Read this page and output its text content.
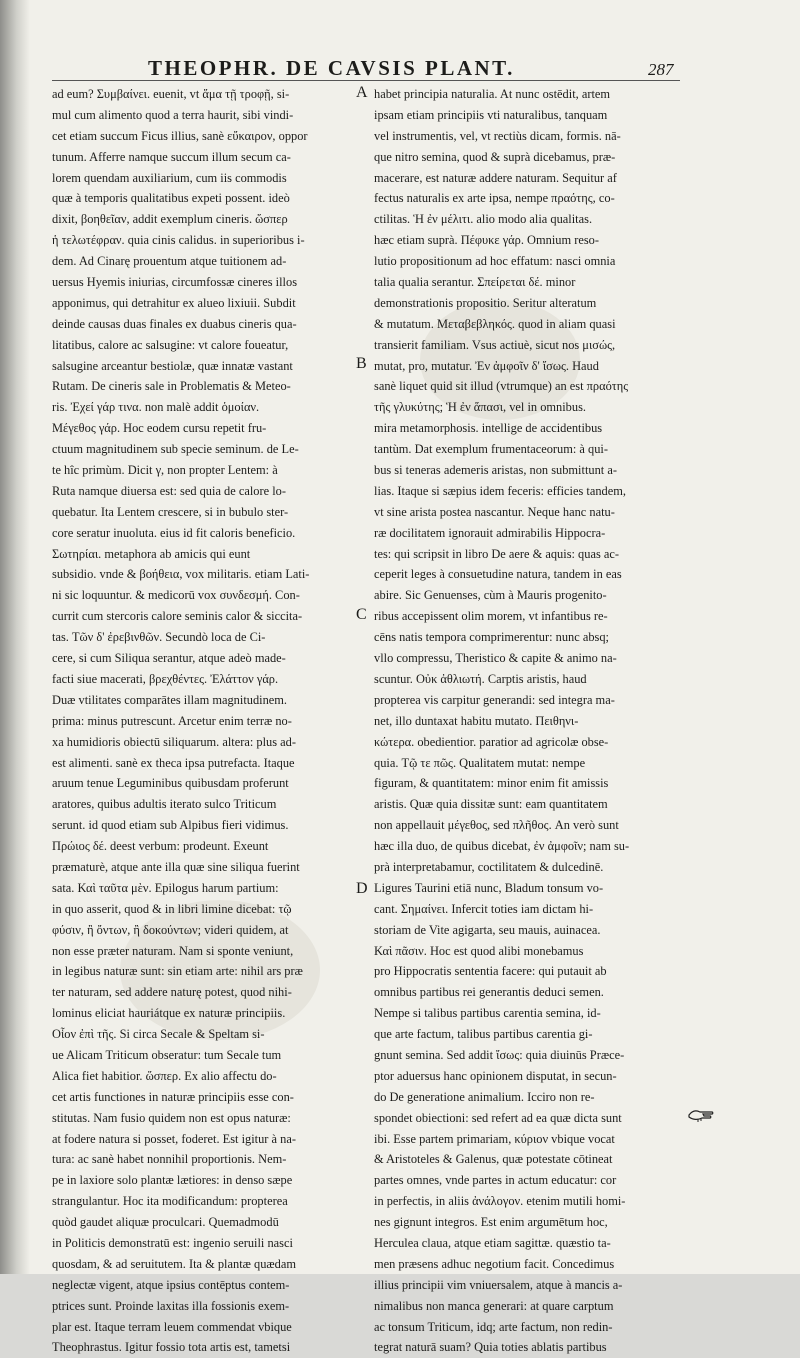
THEOPHR. DE CAVSIS PLANT.	287
ad eum? Συμβαίνει. euenit, vt ἅμα τῇ τροφῇ, si-
mul cum alimento quod a terra haurit, sibi vindi-
cet etiam succum Ficus illius, sanè εὔκαιρον, oppor
tunum. Afferre namque succum illum secum ca-
lorem quendam auxiliarium, cum iis commodis
quæ à temporis qualitatibus expeti possent. ideò
dixit, βοηθεῖαν, addit exemplum cineris. ὥσπερ
ἡ τελωτέφραν. quia cinis calidus. in superioribus i-
dem. Ad Cinarę prouentum atque tuitionem ad-
uersus Hyemis iniurias, circumfossæ cineres illos
apponimus, qui detrahitur ex alueo lixiuii. Subdit
deinde causas duas finales ex duabus cineris qua-
litatibus, calore ac salsugine: vt calore foueatur,
salsugine arceantur bestiolæ, quæ innatæ vastant
Rutam. De cineris sale in Problematis & Meteo-
ris. Ἐχεί γάρ τινα. non malè addit ὁμοίαν.
Μέγεθος γάρ. Hoc eodem cursu repetit fru-
ctuum magnitudinem sub specie seminum. de Le-
te hîc primùm. Dicit γ, non propter Lentem: à
Ruta namque diuersa est: sed quia de calore lo-
quebatur. Ita Lentem crescere, si in bubulo ster-
core seratur inuoluta. eius id fit caloris beneficio.
Σωτηρίαι. metaphora ab amicis qui eunt
subsidio. vnde & βοήθεια, vox militaris. etiam Lati-
ni sic loquuntur. & medicorū vox συνδεσμή. Con-
currit cum stercoris calore seminis calor & siccita-
tas. Τῶν δ' ἐρεβινθῶν. Secundò loca de Ci-
cere, si cum Siliqua serantur, atque adeò made-
facti siue macerati, βρεχθέντες. Ἐλάττον γάρ.
Duæ vtilitates comparātes illam magnitudinem.
prima: minus putrescunt. Arcetur enim terræ no-
xa humidioris obiectū siliquarum. altera: plus ad-
est alimenti. sanè ex theca ipsa putrefacta. Itaque
aruum tenue Leguminibus quibusdam proferunt
aratores, quibus adultis iterato sulco Triticum
serunt. id quod etiam sub Alpibus fieri vidimus.
Πρώιος δέ. deest verbum: prodeunt. Exeunt
præmaturè, atque ante illa quæ sine siliqua fuerint
sata. Καὶ ταῦτα μὲν. Epilogus harum partium:
in quo asserit, quod & in libri limine dicebat: τῷ
φύσιν, ἢ ὄντων, ἢ δοκούντων; videri quidem, at
non esse præter naturam. Nam si sponte veniunt,
in legibus naturæ sunt: sin etiam arte: nihil ars præ
ter naturam, sed addere naturę potest, quod nihi-
lominus eliciat hauriátque ex naturæ principiis.
Οἷον ἐπὶ τῆς. Si circa Secale & Speltam si-
ue Alicam Triticum obseratur: tum Secale tum
Alica fiet habitior. ὥσπερ. Ex alio affectu do-
cet artis functiones in naturæ principiis esse con-
stitutas. Nam fusio quidem non est opus naturæ:
at fodere natura si posset, foderet. Est igitur à na-
tura: ac sanè habet nonnihil proportionis. Nem-
pe in laxiore solo plantæ lætiores: in denso sæpe
strangulantur. Hoc ita modificandum: propterea
quòd gaudet aliquæ proculcari. Quemadmodū
in Politicis demonstratū est: ingenio seruili nasci
quosdam, & ad seruitutem. Ita & plantæ quædam
neglectæ vigent, atque ipsius contēptus contem-
ptrices sunt. Proinde laxitas illa fossionis exem-
plar est. Itaque terram leuem commendat vbique
Theophrastus. Igitur fossio tota artis est, tametsi
habet principia naturalia. At nunc ostēdit, artem
ipsam etiam principiis vti naturalibus, tanquam
vel instrumentis, vel, vt rectiùs dicam, formis. nā-
que nitro semina, quod & suprà dicebamus, præ-
macerare, est naturæ addere naturam. Sequitur af
fectus naturalis ex arte ipsa, nempe πραότης, co-
ctilitas. Ἡ ἐν μέλιτι. alio modo alia qualitas.
hæc etiam suprà. Πέφυκε γάρ. Omnium reso-
lutio propositionum ad hoc effatum: nasci omnia
talia qualia serantur. Σπείρεται δέ. minor
demonstrationis propositio. Seritur alteratum
& mutatum. Μεταβεβληκός. quod in aliam quasi
transierit familiam. Vsus actiuè, sicut nos μισώς,
mutat, pro, mutatur. Ἐν ἀμφοῖν δ' ἴσως. Haud
sanè liquet quid sit illud (vtrumque) an est πραότης
τῆς γλυκύτης; Ἡ ἐν ἅπασι, vel in omnibus.
mira metamorphosis. intellige de accidentibus
tantùm. Dat exemplum frumentaceorum: à qui-
bus si teneras ademeris aristas, non submittunt a-
lias. Itaque si sæpius idem feceris: efficies tandem,
vt sine arista postea nascantur. Neque hanc natu-
ræ docilitatem ignorauit admirabilis Hippocra-
tes: qui scripsit in libro De aere & aquis: quas ac-
ceperit leges à consuetudine natura, tandem in eas
abire. Sic Genuenses, cùm à Mauris progenito-
ribus accepissent olim morem, vt infantibus re-
cēns natis tempora comprimerentur: nunc absq;
vllo compressu, Theristico & capite & animo na-
scuntur. Οὐκ ἀθλιωτή. Carptis aristis, haud
propterea vis carpitur generandi: sed integra ma-
net, illo duntaxat habitu mutato. Πειθηνι-
κώτερα. obedientior. paratior ad agricolæ obse-
quia. Τῷ τε πῶς. Qualitatem mutat: nempe
figuram, & quantitatem: minor enim fit amissis
aristis. Quæ quia dissitæ sunt: eam quantitatem
non appellauit μέγεθος, sed πλῆθος. An verò sunt
hæc illa duo, de quibus dicebat, ἐν ἀμφοῖν; nam su-
prà interpretabamur, coctilitatem & dulcedinē.
Ligures Taurini etiā nunc, Bladum tonsum vo-
cant. Σημαίνει. Infercit toties iam dictam hi-
storiam de Vite agigarta, seu mauis, auinacea.
Καὶ πᾶσιν. Hoc est quod alibi monebamus
pro Hippocratis sententia facere: qui putauit ab
omnibus partibus rei generantis deduci semen.
Nempe si talibus partibus carentia semina, id-
que arte factum, talibus partibus carentia gi-
gnunt semina. Sed addit ἴσως: quia diuinūs Præce-
ptor aduersus hanc opinionem disputat, in secun-
do De generatione animalium. Icciro non re-
spondet obiectioni: sed refert ad ea quæ dicta sunt
ibi. Esse partem primariam, κύριον vbique vocat
& Aristoteles & Galenus, quæ potestate cōtineat
partes omnes, vnde partes in actum educatur: cor
in perfectis, in aliis ἀνάλογον. etenim mutili homi-
nes gignunt integros. Est enim argumētum hoc,
Herculea claua, atque etiam sagittæ. quæstio ta-
men præsens adhuc negotium facit. Concedimus
illius principii vim vniuersalem, atque à mancis a-
nimalibus non manca generari: at quare carptum
ac tonsum Triticum, idq; arte factum, non redin-
tegrat naturā suam? Quia toties ablatis partibus
A
B
C
D
